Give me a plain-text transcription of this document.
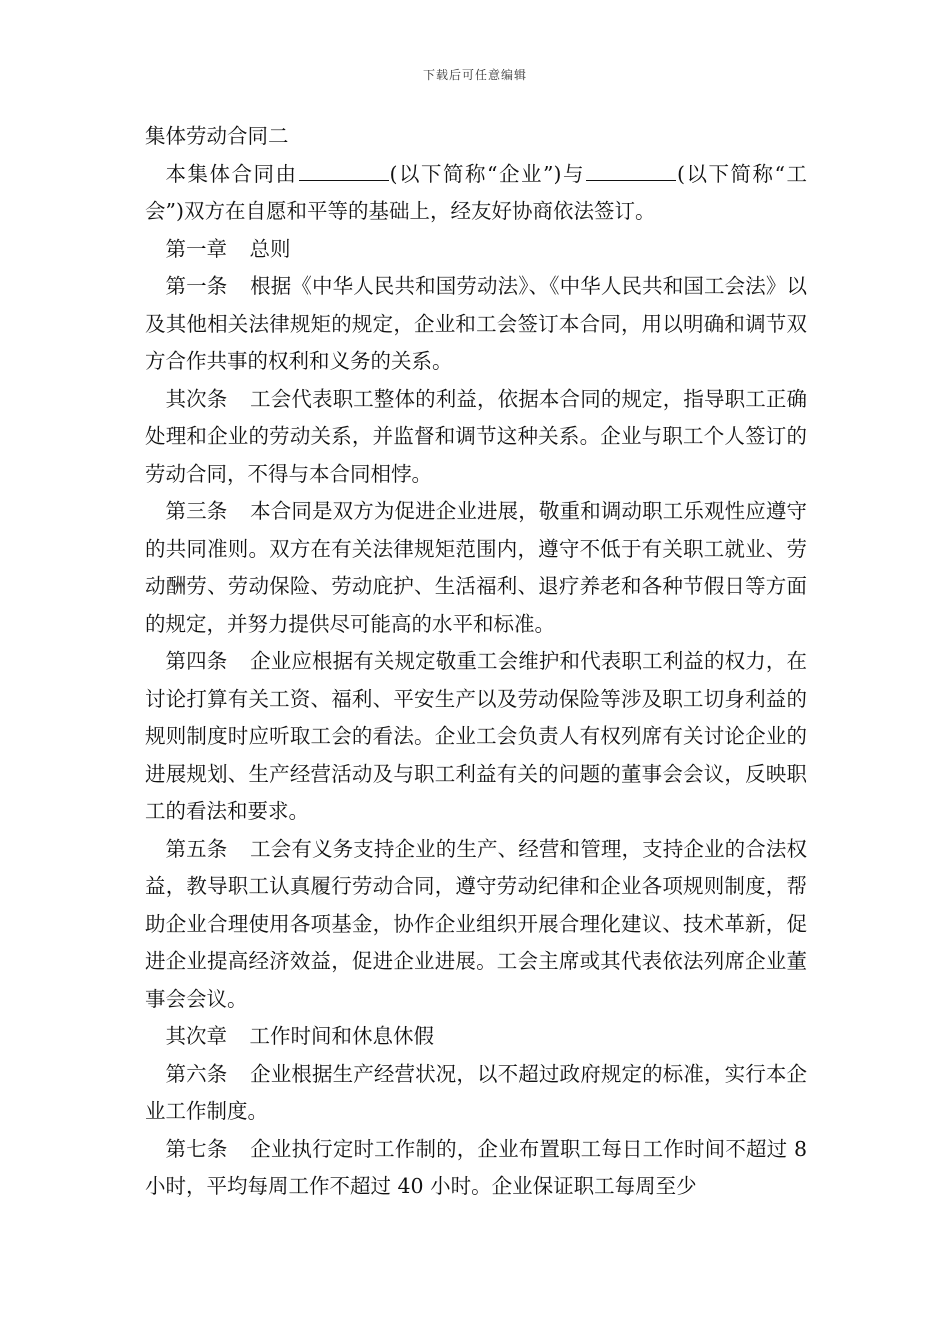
下载后可任意编辑

集体劳动合同二

本集体合同由	(以下简称“企业”)与	(以下简称“工会”)双方在自愿和平等的基础上，经友好协商依法签订。

第一章 总则

第一条 根据《中华人民共和国劳动法》、《中华人民共和国工会法》以及其他相关法律规矩的规定，企业和工会签订本合同，用以明确和调节双方合作共事的权利和义务的关系。

其次条 工会代表职工整体的利益，依据本合同的规定，指导职工正确处理和企业的劳动关系，并监督和调节这种关系。企业与职工个人签订的劳动合同，不得与本合同相悖。

第三条 本合同是双方为促进企业进展，敬重和调动职工乐观性应遵守的共同准则。双方在有关法律规矩范围内，遵守不低于有关职工就业、劳动酬劳、劳动保险、劳动庇护、生活福利、退疗养老和各种节假日等方面的规定，并努力提供尽可能高的水平和标准。

第四条 企业应根据有关规定敬重工会维护和代表职工利益的权力，在讨论打算有关工资、福利、平安生产以及劳动保险等涉及职工切身利益的规则制度时应听取工会的看法。企业工会负责人有权列席有关讨论企业的进展规划、生产经营活动及与职工利益有关的问题的董事会会议，反映职工的看法和要求。

第五条 工会有义务支持企业的生产、经营和管理，支持企业的合法权益，教导职工认真履行劳动合同，遵守劳动纪律和企业各项规则制度，帮助企业合理使用各项基金，协作企业组织开展合理化建议、技术革新，促进企业提高经济效益，促进企业进展。工会主席或其代表依法列席企业董事会会议。

其次章 工作时间和休息休假

第六条 企业根据生产经营状况，以不超过政府规定的标准，实行本企业工作制度。

第七条 企业执行定时工作制的，企业布置职工每日工作时间不超过 8 小时，平均每周工作不超过 40 小时。企业保证职工每周至少
